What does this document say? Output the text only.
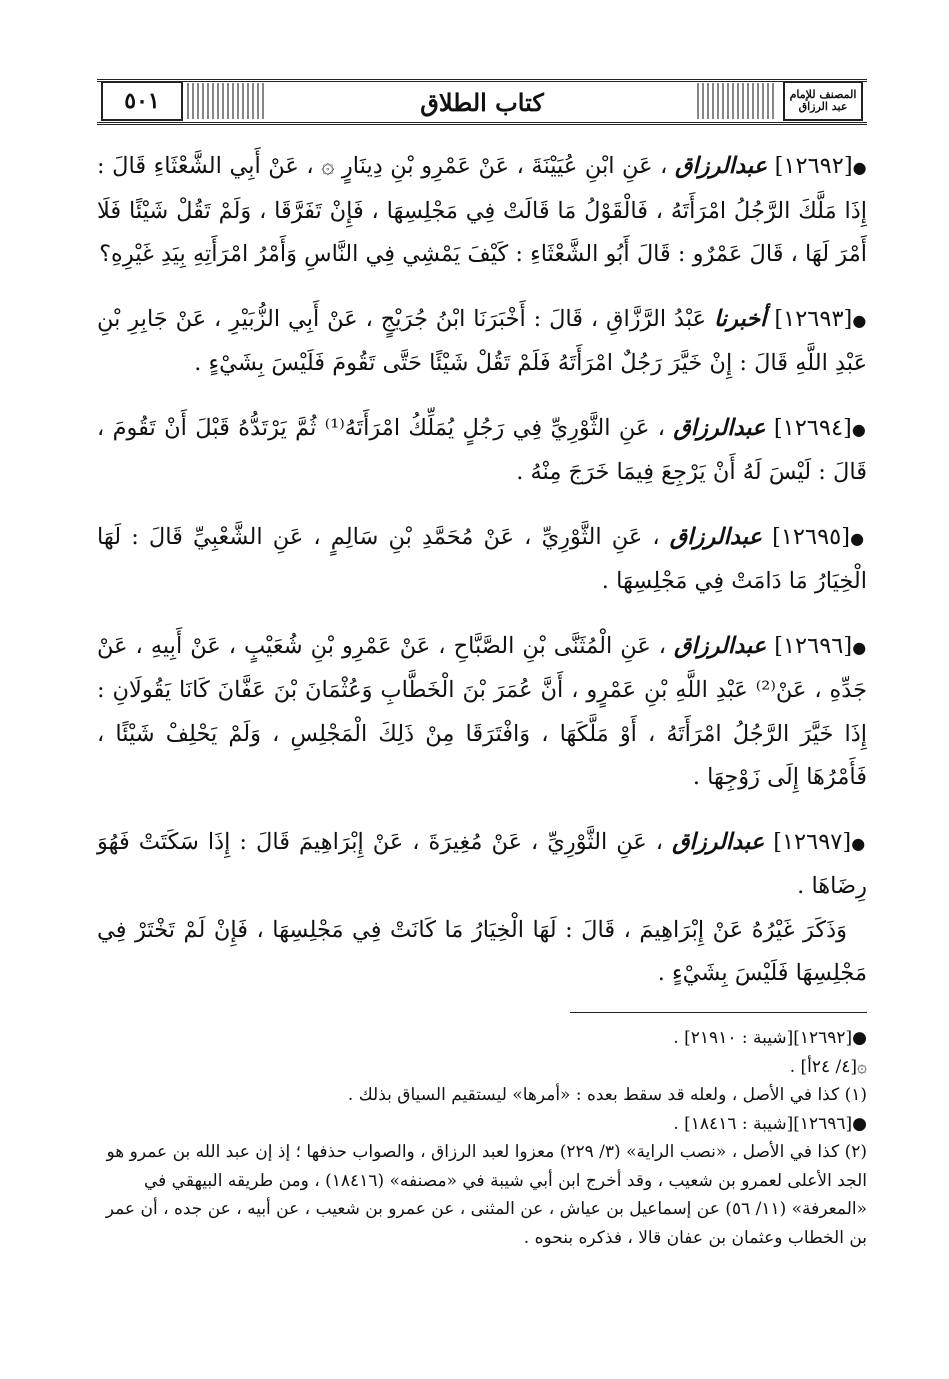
٥٠١	كتاب الطلاق	المصنف للإمام عبد الرزاق

●[١٢٦٩٢] عبدالرزاق ، عَنِ ابْنِ عُيَيْنَةَ ، عَنْ عَمْرِو بْنِ دِينَارٍ ۞ ، عَنْ أَبِي الشَّعْثَاءِ قَالَ : إِذَا مَلَّكَ الرَّجُلُ امْرَأَتَهُ ، فَالْقَوْلُ مَا قَالَتْ فِي مَجْلِسِهَا ، فَإِنْ تَفَرَّقَا ، وَلَمْ تَقُلْ شَيْئًا فَلَا أَمْرَ لَهَا ، قَالَ عَمْرٌو : قَالَ أَبُو الشَّعْثَاءِ : كَيْفَ يَمْشِي فِي النَّاسِ وَأَمْرُ امْرَأَتِهِ بِيَدِ غَيْرِهِ؟

●[١٢٦٩٣] أخبرنا عَبْدُ الرَّزَّاقِ ، قَالَ : أَخْبَرَنَا ابْنُ جُرَيْجٍ ، عَنْ أَبِي الزُّبَيْرِ ، عَنْ جَابِرِ بْنِ عَبْدِ اللَّهِ قَالَ : إِنْ خَيَّرَ رَجُلٌ امْرَأَتَهُ فَلَمْ تَقُلْ شَيْئًا حَتَّى تَقُومَ فَلَيْسَ بِشَيْءٍ .

●[١٢٦٩٤] عبدالرزاق ، عَنِ الثَّوْرِيِّ فِي رَجُلٍ يُمَلِّكُ امْرَأَتَهُ⁽¹⁾ ثُمَّ يَرْتَدُّهُ قَبْلَ أَنْ تَقُومَ ، قَالَ : لَيْسَ لَهُ أَنْ يَرْجِعَ فِيمَا خَرَجَ مِنْهُ .

●[١٢٦٩٥] عبدالرزاق ، عَنِ الثَّوْرِيِّ ، عَنْ مُحَمَّدِ بْنِ سَالِمٍ ، عَنِ الشَّعْبِيِّ قَالَ : لَهَا الْخِيَارُ مَا دَامَتْ فِي مَجْلِسِهَا .

●[١٢٦٩٦] عبدالرزاق ، عَنِ الْمُثَنَّى بْنِ الصَّبَّاحِ ، عَنْ عَمْرِو بْنِ شُعَيْبٍ ، عَنْ أَبِيهِ ، عَنْ جَدِّهِ ، عَنْ⁽²⁾ عَبْدِ اللَّهِ بْنِ عَمْرٍو ، أَنَّ عُمَرَ بْنَ الْخَطَّابِ وَعُثْمَانَ بْنَ عَفَّانَ كَانَا يَقُولَانِ : إِذَا خَيَّرَ الرَّجُلُ امْرَأَتَهُ ، أَوْ مَلَّكَهَا ، وَافْتَرَقَا مِنْ ذَلِكَ الْمَجْلِسِ ، وَلَمْ يَحْلِفْ شَيْئًا ، فَأَمْرُهَا إِلَى زَوْجِهَا .

●[١٢٦٩٧] عبدالرزاق ، عَنِ الثَّوْرِيِّ ، عَنْ مُغِيرَةَ ، عَنْ إِبْرَاهِيمَ قَالَ : إِذَا سَكَتَتْ فَهُوَ رِضَاهَا .

وَذَكَرَ غَيْرُهُ عَنْ إِبْرَاهِيمَ ، قَالَ : لَهَا الْخِيَارُ مَا كَانَتْ فِي مَجْلِسِهَا ، فَإِنْ لَمْ تَخْتَرْ فِي مَجْلِسِهَا فَلَيْسَ بِشَيْءٍ .

●[١٢٦٩٢][شيبة : ٢١٩١٠] .

۞[٤/ ٢٤أ] .

(١) كذا في الأصل ، ولعله قد سقط بعده : «أمرها» ليستقيم السياق بذلك .

●[١٢٦٩٦][شيبة : ١٨٤١٦] .

(٢) كذا في الأصل ، «نصب الراية» (٣/ ٢٢٩) معزوا لعبد الرزاق ، والصواب حذفها ؛ إذ إن عبد الله بن عمرو هو الجد الأعلى لعمرو بن شعيب ، وقد أخرج ابن أبي شيبة في «مصنفه» (١٨٤١٦) ، ومن طريقه البيهقي في «المعرفة» (١١/ ٥٦) عن إسماعيل بن عياش ، عن المثنى ، عن عمرو بن شعيب ، عن أبيه ، عن جده ، أن عمر بن الخطاب وعثمان بن عفان قالا ، فذكره بنحوه .
